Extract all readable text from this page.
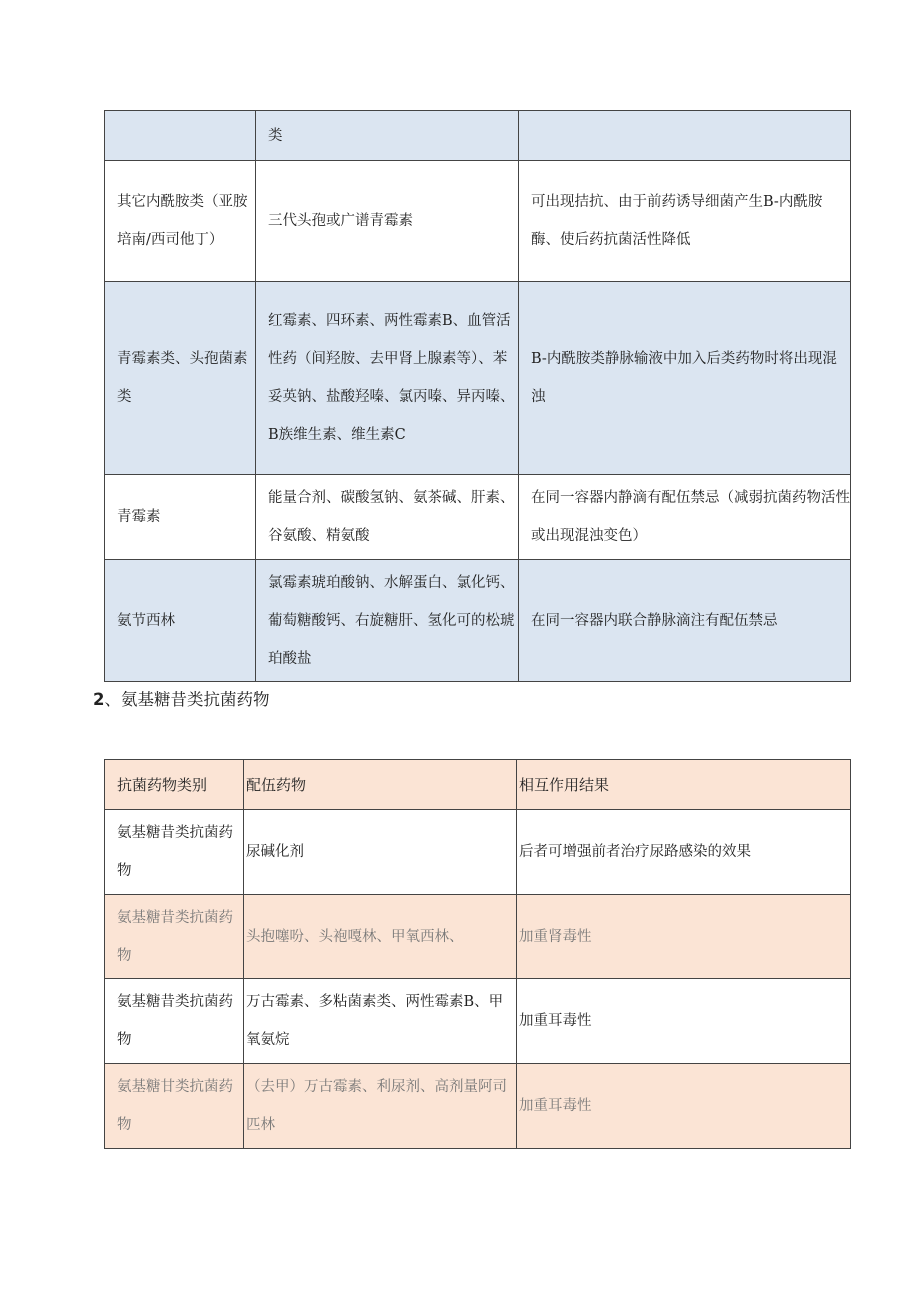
	类	
其它内酰胺类（亚胺培南/西司他丁）	三代头孢或广谱青霉素	可出现拮抗、由于前药诱导细菌产生B-内酰胺酶、使后药抗菌活性降低
青霉素类、头孢菌素类	红霉素、四环素、两性霉素B、血管活性药（间羟胺、去甲肾上腺素等）、苯妥英钠、盐酸羟嗪、氯丙嗪、异丙嗪、B族维生素、维生素C	B-内酰胺类静脉输液中加入后类药物时将出现混浊
青霉素	能量合剂、碳酸氢钠、氨茶碱、肝素、谷氨酸、精氨酸	在同一容器内静滴有配伍禁忌（减弱抗菌药物活性或出现混浊变色）
氨节西林	氯霉素琥珀酸钠、水解蛋白、氯化钙、葡萄糖酸钙、右旋糖肝、氢化可的松琥珀酸盐	在同一容器内联合静脉滴注有配伍禁忌
2、氨基糖昔类抗菌药物
抗菌药物类别	配伍药物	相互作用结果
氨基糖昔类抗菌药物	尿碱化剂	后者可增强前者治疗尿路感染的效果
氨基糖昔类抗菌药物	头抱噻吩、头袍嘎林、甲氧西林、	加重肾毒性
氨基糖昔类抗菌药物	万古霉素、多粘菌素类、两性霉素B、甲氧氨烷	加重耳毒性
氨基糖甘类抗菌药物	（去甲）万古霉素、利尿剂、高剂量阿司匹林	加重耳毒性
